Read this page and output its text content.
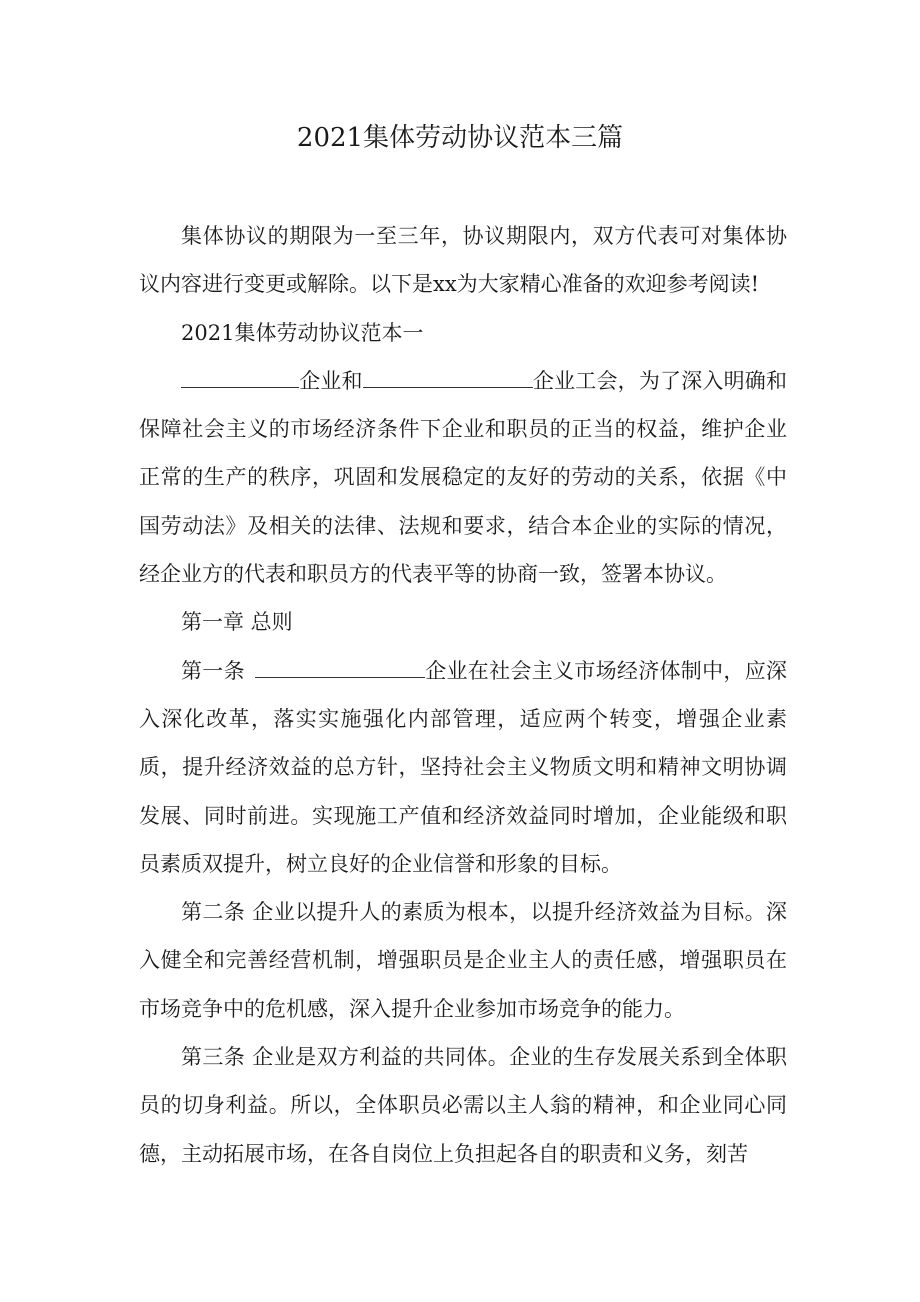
2021集体劳动协议范本三篇

集体协议的期限为一至三年，协议期限内，双方代表可对集体协议内容进行变更或解除。以下是xx为大家精心准备的欢迎参考阅读!

2021集体劳动协议范本一

企业和	企业工会，为了深入明确和保障社会主义的市场经济条件下企业和职员的正当的权益，维护企业正常的生产的秩序，巩固和发展稳定的友好的劳动的关系，依据《中国劳动法》及相关的法律、法规和要求，结合本企业的实际的情况，经企业方的代表和职员方的代表平等的协商一致，签署本协议。

第一章 总则

第一条	企业在社会主义市场经济体制中，应深入深化改革，落实实施强化内部管理，适应两个转变，增强企业素质，提升经济效益的总方针，坚持社会主义物质文明和精神文明协调发展、同时前进。实现施工产值和经济效益同时增加，企业能级和职员素质双提升，树立良好的企业信誉和形象的目标。

第二条 企业以提升人的素质为根本，以提升经济效益为目标。深入健全和完善经营机制，增强职员是企业主人的责任感，增强职员在市场竞争中的危机感，深入提升企业参加市场竞争的能力。

第三条 企业是双方利益的共同体。企业的生存发展关系到全体职员的切身利益。所以，全体职员必需以主人翁的精神，和企业同心同德，主动拓展市场，在各自岗位上负担起各自的职责和义务，刻苦
